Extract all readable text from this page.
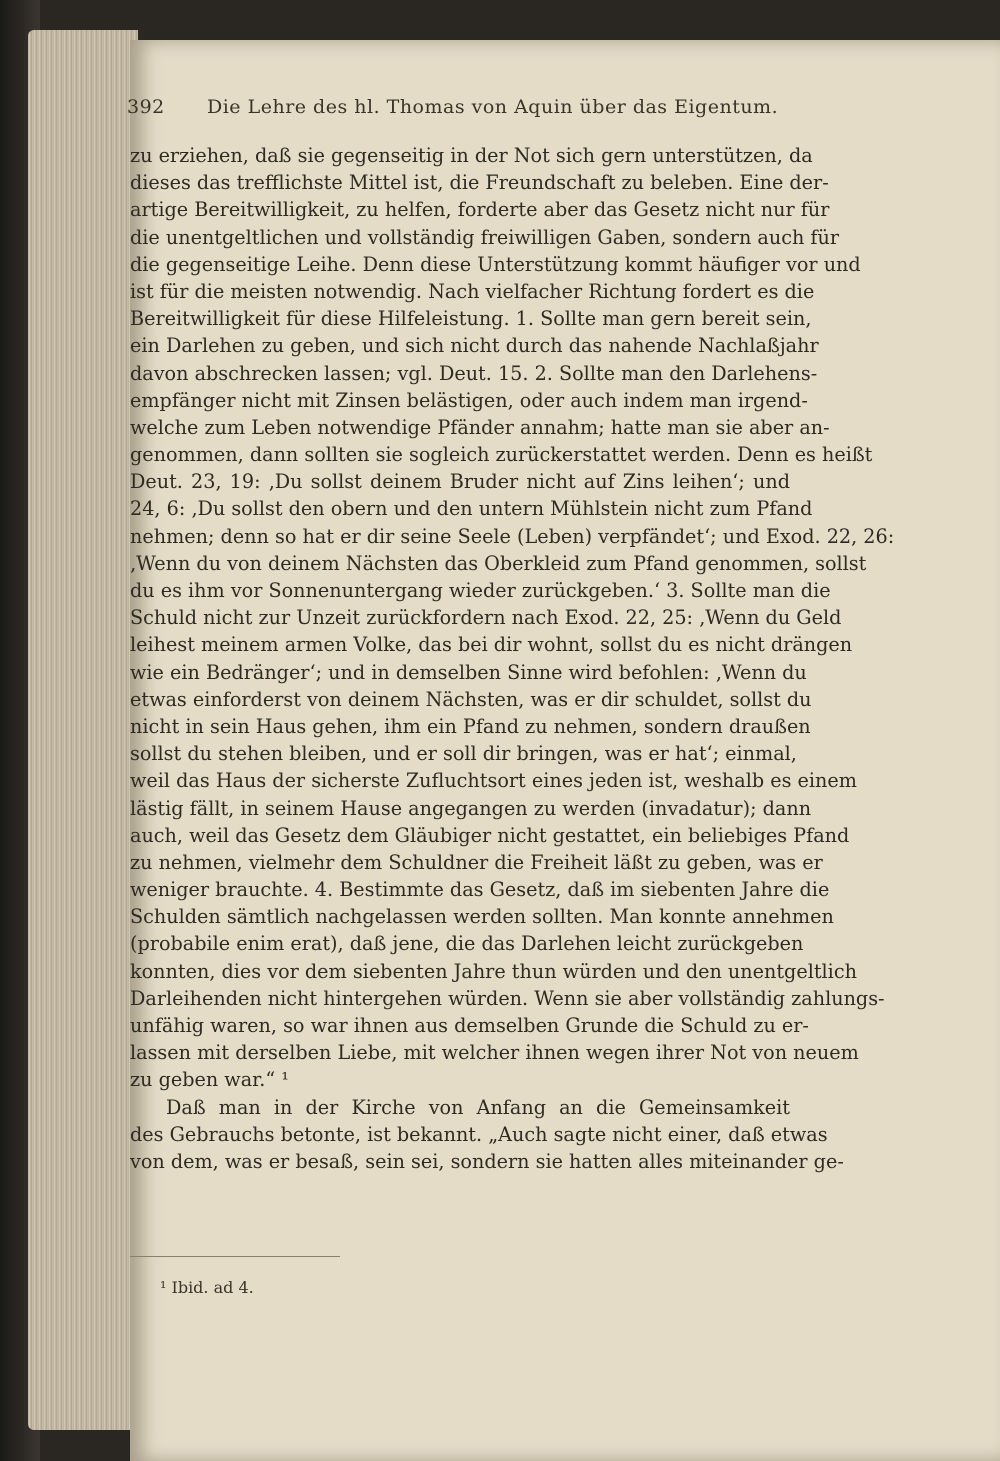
392 Die Lehre des hl. Thomas von Aquin über das Eigentum.
zu erziehen, daß sie gegenseitig in der Not sich gern unterstützen, da
dieses das trefflichste Mittel ist, die Freundschaft zu beleben. Eine der-
artige Bereitwilligkeit, zu helfen, forderte aber das Gesetz nicht nur für
die unentgeltlichen und vollständig freiwilligen Gaben, sondern auch für
die gegenseitige Leihe. Denn diese Unterstützung kommt häufiger vor und
ist für die meisten notwendig. Nach vielfacher Richtung fordert es die
Bereitwilligkeit für diese Hilfeleistung. 1. Sollte man gern bereit sein,
ein Darlehen zu geben, und sich nicht durch das nahende Nachlaßjahr
davon abschrecken lassen; vgl. Deut. 15. 2. Sollte man den Darlehens-
empfänger nicht mit Zinsen belästigen, oder auch indem man irgend-
welche zum Leben notwendige Pfänder annahm; hatte man sie aber an-
genommen, dann sollten sie sogleich zurückerstattet werden. Denn es heißt
Deut. 23, 19: ‚Du sollst deinem Bruder nicht auf Zins leihen‘; und
24, 6: ‚Du sollst den obern und den untern Mühlstein nicht zum Pfand
nehmen; denn so hat er dir seine Seele (Leben) verpfändet‘; und Exod. 22, 26:
‚Wenn du von deinem Nächsten das Oberkleid zum Pfand genommen, sollst
du es ihm vor Sonnenuntergang wieder zurückgeben.‘ 3. Sollte man die
Schuld nicht zur Unzeit zurückfordern nach Exod. 22, 25: ‚Wenn du Geld
leihest meinem armen Volke, das bei dir wohnt, sollst du es nicht drängen
wie ein Bedränger‘; und in demselben Sinne wird befohlen: ‚Wenn du
etwas einforderst von deinem Nächsten, was er dir schuldet, sollst du
nicht in sein Haus gehen, ihm ein Pfand zu nehmen, sondern draußen
sollst du stehen bleiben, und er soll dir bringen, was er hat‘; einmal,
weil das Haus der sicherste Zufluchtsort eines jeden ist, weshalb es einem
lästig fällt, in seinem Hause angegangen zu werden (invadatur); dann
auch, weil das Gesetz dem Gläubiger nicht gestattet, ein beliebiges Pfand
zu nehmen, vielmehr dem Schuldner die Freiheit läßt zu geben, was er
weniger brauchte. 4. Bestimmte das Gesetz, daß im siebenten Jahre die
Schulden sämtlich nachgelassen werden sollten. Man konnte annehmen
(probabile enim erat), daß jene, die das Darlehen leicht zurückgeben
konnten, dies vor dem siebenten Jahre thun würden und den unentgeltlich
Darleihenden nicht hintergehen würden. Wenn sie aber vollständig zahlungs-
unfähig waren, so war ihnen aus demselben Grunde die Schuld zu er-
lassen mit derselben Liebe, mit welcher ihnen wegen ihrer Not von neuem
zu geben war.“ ¹
Daß man in der Kirche von Anfang an die Gemeinsamkeit
des Gebrauchs betonte, ist bekannt. „Auch sagte nicht einer, daß etwas
von dem, was er besaß, sein sei, sondern sie hatten alles miteinander ge-
¹ Ibid. ad 4.
